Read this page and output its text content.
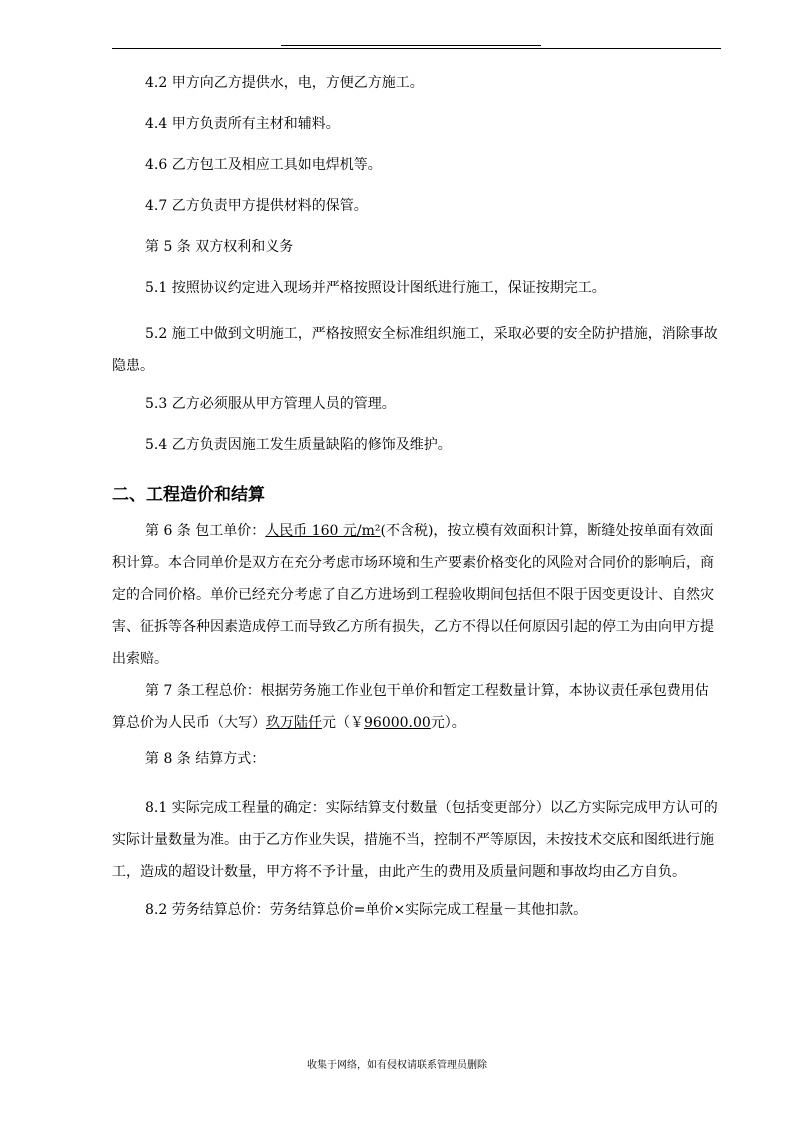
4.2 甲方向乙方提供水，电，方便乙方施工。

4.4 甲方负责所有主材和辅料。

4.6 乙方包工及相应工具如电焊机等。

4.7 乙方负责甲方提供材料的保管。

第 5 条 双方权利和义务

5.1 按照协议约定进入现场并严格按照设计图纸进行施工，保证按期完工。

5.2 施工中做到文明施工，严格按照安全标准组织施工，采取必要的安全防护措施，消除事故隐患。

5.3 乙方必须服从甲方管理人员的管理。

5.4 乙方负责因施工发生质量缺陷的修饰及维护。

二、工程造价和结算

第 6 条 包工单价：人民币 160 元/m²(不含税)，按立模有效面积计算，断缝处按单面有效面积计算。本合同单价是双方在充分考虑市场环境和生产要素价格变化的风险对合同价的影响后，商定的合同价格。单价已经充分考虑了自乙方进场到工程验收期间包括但不限于因变更设计、自然灾害、征拆等各种因素造成停工而导致乙方所有损失，乙方不得以任何原因引起的停工为由向甲方提出索赔。

第 7 条工程总价：根据劳务施工作业包干单价和暂定工程数量计算，本协议责任承包费用估算总价为人民币（大写）玖万陆仟元（￥96000.00元）。

第 8 条 结算方式：

8.1 实际完成工程量的确定：实际结算支付数量（包括变更部分）以乙方实际完成甲方认可的实际计量数量为准。由于乙方作业失误，措施不当，控制不严等原因，未按技术交底和图纸进行施工，造成的超设计数量，甲方将不予计量，由此产生的费用及质量问题和事故均由乙方自负。

8.2 劳务结算总价：劳务结算总价=单价×实际完成工程量－其他扣款。

收集于网络，如有侵权请联系管理员删除
